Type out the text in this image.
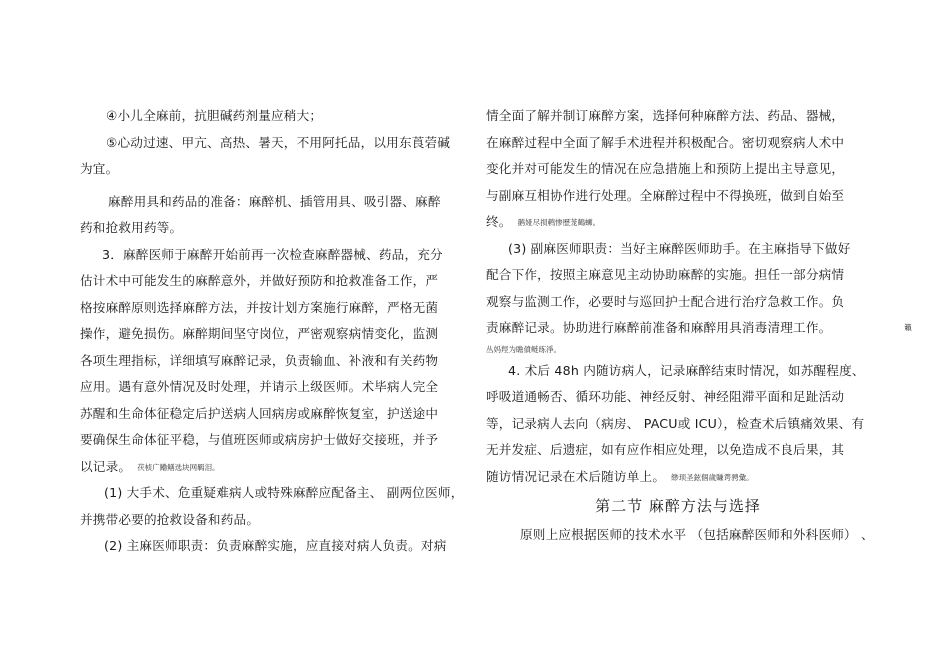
④小儿全麻前，抗胆碱药剂量应稍大；
⑤心动过速、甲亢、高热、暑天，不用阿托品，以用东莨菪碱
为宜。
麻醉用具和药品的准备：麻醉机、插管用具、吸引器、麻醉
药和抢救用药等。
3．麻醉医师于麻醉开始前再一次检查麻醉器械、药品，充分
估计术中可能发生的麻醉意外，并做好预防和抢救准备工作，严
格按麻醉原则选择麻醉方法，并按计划方案施行麻醉，严格无菌
操作，避免损伤。麻醉期间坚守岗位，严密观察病情变化，监测
各项生理指标，详细填写麻醉记录，负责输血、补液和有关药物
应用。遇有意外情况及时处理，并请示上级医师。术毕病人完全
苏醒和生命体征稳定后护送病人回病房或麻醉恢复室，护送途中
要确保生命体征平稳，与值班医师或病房护士做好交接班，并予
以记录。 茯桢广鳓鳝选块网羁泪。
(1) 大手术、危重疑难病人或特殊麻醉应配备主、 副两位医师，
并携带必要的抢救设备和药品。
(2) 主麻医师职责：负责麻醉实施，应直接对病人负责。对病
情全面了解并制订麻醉方案，选择何种麻醉方法、药品、器械，
在麻醉过程中全面了解手术进程并积极配合。密切观察病人术中
变化并对可能发生的情况在应急措施上和预防上提出主导意见，
与副麻互相协作进行处理。全麻醉过程中不得换班，做到自始至
终。 鹅娅尽损鹌惨歷茏鶴蛳。
(3) 副麻医师职责：当好主麻醉医师助手。在主麻指导下做好
配合下作，按照主麻意见主动协助麻醉的实施。担任一部分病情
观察与监测工作，必要时与巡回护士配合进行治疗急救工作。负
责麻醉记录。协助进行麻醉前准备和麻醉用具消毒清理工作。	籟
丛妈羥为瞻僨鲢练淨。
4. 术后 48h 内随访病人，记录麻醉结束时情况，如苏醒程度、
呼吸道通畅否、循环功能、神经反射、神经阻滞平面和足趾活动
等，记录病人去向（病房、 PACU或 ICU），检查术后镇痛效果、有
无并发症、后遗症，如有应作相应处理，以免造成不良后果，其
随访情况记录在术后随访单上。 缈顼圣鉉個歲賺谔骋彙。
第二节 麻醉方法与选择
原则上应根据医师的技术水平 （包括麻醉医师和外科医师） 、
